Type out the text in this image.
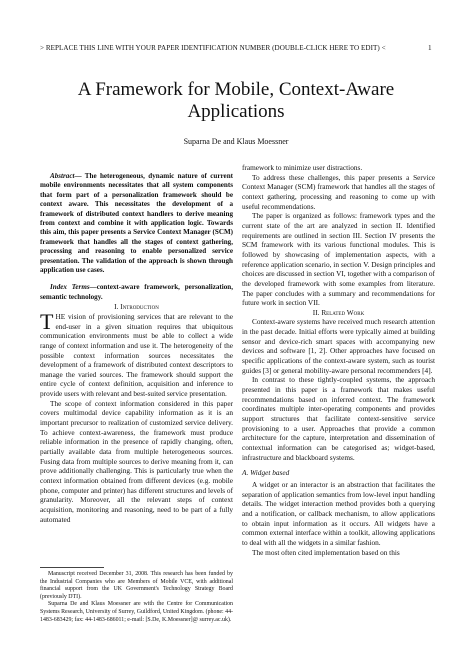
> REPLACE THIS LINE WITH YOUR PAPER IDENTIFICATION NUMBER (DOUBLE-CLICK HERE TO EDIT) <	1
A Framework for Mobile, Context-Aware Applications
Suparna De and Klaus Moessner

Abstract— The heterogeneous, dynamic nature of current mobile environments necessitates that all system components that form part of a personalization framework should be context aware. This necessitates the development of a framework of distributed context handlers to derive meaning from context and combine it with application logic. Towards this aim, this paper presents a Service Context Manager (SCM) framework that handles all the stages of context gathering, processing and reasoning to enable personalized service presentation. The validation of the approach is shown through application use cases.

Index Terms—context-aware framework, personalization, semantic technology.

I. Introduction

THE vision of provisioning services that are relevant to the end-user in a given situation requires that ubiquitous communication environments must be able to collect a wide range of context information and use it. The heterogeneity of the possible context information sources necessitates the development of a framework of distributed context descriptors to manage the varied sources. The framework should support the entire cycle of context definition, acquisition and inference to provide users with relevant and best-suited service presentation.

The scope of context information considered in this paper covers multimodal device capability information as it is an important precursor to realization of customized service delivery. To achieve context-awareness, the framework must produce reliable information in the presence of rapidly changing, often, partially available data from multiple heterogeneous sources. Fusing data from multiple sources to derive meaning from it, can prove additionally challenging. This is particularly true when the context information obtained from different devices (e.g. mobile phone, computer and printer) has different structures and levels of granularity. Moreover, all the relevant steps of context acquisition, monitoring and reasoning, need to be part of a fully automated

Manuscript received December 31, 2008. This research has been funded by the Industrial Companies who are Members of Mobile VCE, with additional financial support from the UK Government's Technology Strategy Board (previously DTI).

Suparna De and Klaus Moessner are with the Centre for Communication Systems Research, University of Surrey, Guildford, United Kingdom. (phone: 44-1483-683429; fax: 44-1483-686011; e-mail: [S.De, K.Moessner]@ surrey.ac.uk).

framework to minimize user distractions.

To address these challenges, this paper presents a Service Context Manager (SCM) framework that handles all the stages of context gathering, processing and reasoning to come up with useful recommendations.

The paper is organized as follows: framework types and the current state of the art are analyzed in section II. Identified requirements are outlined in section III. Section IV presents the SCM framework with its various functional modules. This is followed by showcasing of implementation aspects, with a reference application scenario, in section V. Design principles and choices are discussed in section VI, together with a comparison of the developed framework with some examples from literature. The paper concludes with a summary and recommendations for future work in section VII.

II. Related Work

Context-aware systems have received much research attention in the past decade. Initial efforts were typically aimed at building sensor and device-rich smart spaces with accompanying new devices and software [1, 2]. Other approaches have focused on specific applications of the context-aware system, such as tourist guides [3] or general mobility-aware personal recommenders [4].

In contrast to these tightly-coupled systems, the approach presented in this paper is a framework that makes useful recommendations based on inferred context. The framework coordinates multiple inter-operating components and provides support structures that facilitate context-sensitive service provisioning to a user. Approaches that provide a common architecture for the capture, interpretation and dissemination of contextual information can be categorised as; widget-based, infrastructure and blackboard systems.

A. Widget based

A widget or an interactor is an abstraction that facilitates the separation of application semantics from low-level input handling details. The widget interaction method provides both a querying and a notification, or callback mechanism, to allow applications to obtain input information as it occurs. All widgets have a common external interface within a toolkit, allowing applications to deal with all the widgets in a similar fashion.

The most often cited implementation based on this
